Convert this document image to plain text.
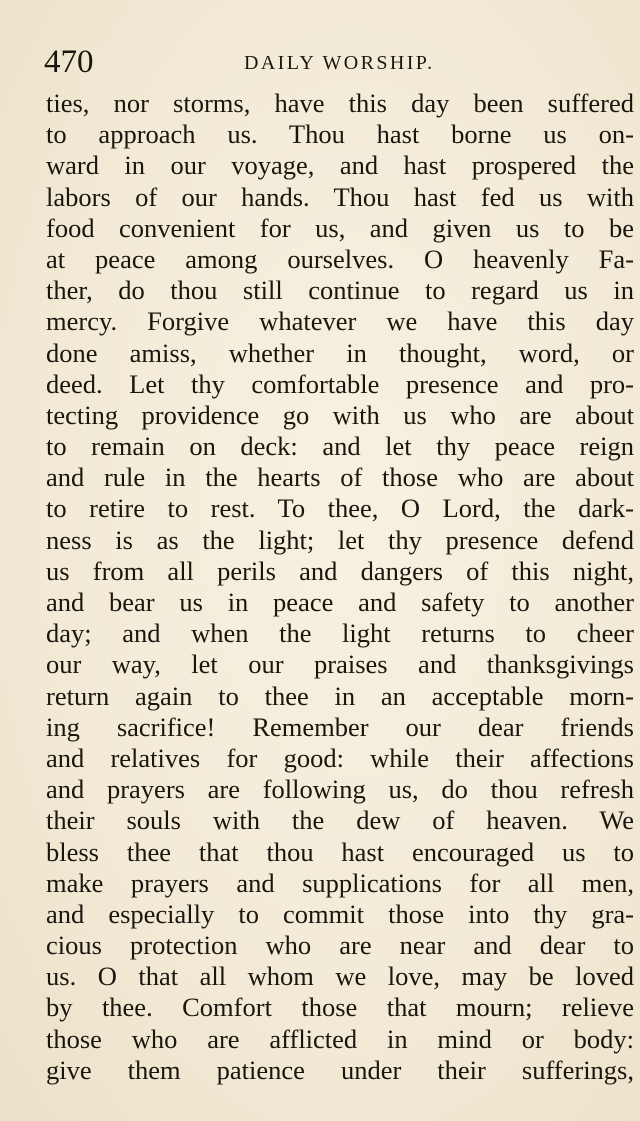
470	DAILY WORSHIP.
ties, nor storms, have this day been suffered
to approach us. Thou hast borne us on-
ward in our voyage, and hast prospered the
labors of our hands. Thou hast fed us with
food convenient for us, and given us to be
at peace among ourselves. O heavenly Fa-
ther, do thou still continue to regard us in
mercy. Forgive whatever we have this day
done amiss, whether in thought, word, or
deed. Let thy comfortable presence and pro-
tecting providence go with us who are about
to remain on deck: and let thy peace reign
and rule in the hearts of those who are about
to retire to rest. To thee, O Lord, the dark-
ness is as the light; let thy presence defend
us from all perils and dangers of this night,
and bear us in peace and safety to another
day; and when the light returns to cheer
our way, let our praises and thanksgivings
return again to thee in an acceptable morn-
ing sacrifice! Remember our dear friends
and relatives for good: while their affections
and prayers are following us, do thou refresh
their souls with the dew of heaven. We
bless thee that thou hast encouraged us to
make prayers and supplications for all men,
and especially to commit those into thy gra-
cious protection who are near and dear to
us. O that all whom we love, may be loved
by thee. Comfort those that mourn; relieve
those who are afflicted in mind or body:
give them patience under their sufferings,
